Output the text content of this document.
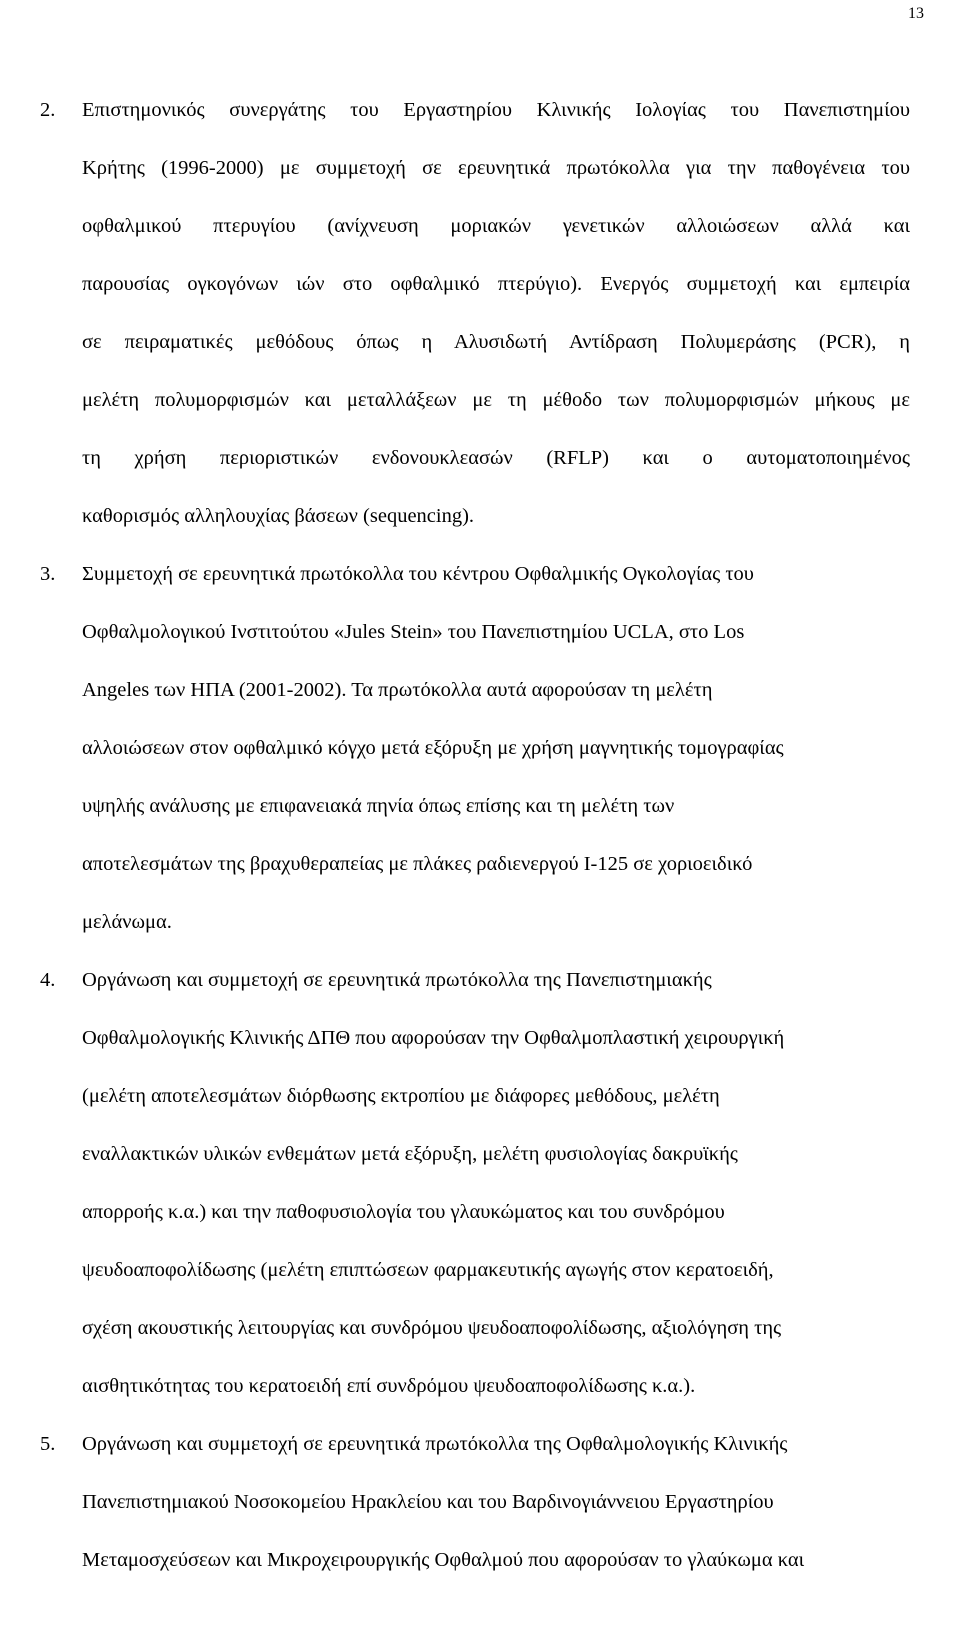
13
2. Επιστημονικός συνεργάτης του Εργαστηρίου Κλινικής Ιολογίας του Πανεπιστημίου
Κρήτης (1996-2000) με συμμετοχή σε ερευνητικά πρωτόκολλα για την παθογένεια του
οφθαλμικού πτερυγίου (ανίχνευση μοριακών γενετικών αλλοιώσεων αλλά και
παρουσίας ογκογόνων ιών στο οφθαλμικό πτερύγιο). Ενεργός συμμετοχή και εμπειρία
σε πειραματικές μεθόδους όπως η Αλυσιδωτή Αντίδραση Πολυμεράσης (PCR), η
μελέτη πολυμορφισμών και μεταλλάξεων με τη μέθοδο των πολυμορφισμών μήκους με
τη χρήση περιοριστικών ενδονουκλεασών (RFLP) και ο αυτοματοποιημένος
καθορισμός αλληλουχίας βάσεων (sequencing).
3. Συμμετοχή σε ερευνητικά πρωτόκολλα του κέντρου Οφθαλμικής Ογκολογίας του
Οφθαλμολογικού Ινστιτούτου «Jules Stein» του Πανεπιστημίου UCLA, στο Los
Angeles των ΗΠΑ (2001-2002). Τα πρωτόκολλα αυτά αφορούσαν τη μελέτη
αλλοιώσεων στον οφθαλμικό κόγχο μετά εξόρυξη με χρήση μαγνητικής τομογραφίας
υψηλής ανάλυσης με επιφανειακά πηνία όπως επίσης και τη μελέτη των
αποτελεσμάτων της βραχυθεραπείας με πλάκες ραδιενεργού I-125 σε χοριοειδικό
μελάνωμα.
4. Οργάνωση και συμμετοχή σε ερευνητικά πρωτόκολλα της Πανεπιστημιακής
Οφθαλμολογικής Κλινικής ΔΠΘ που αφορούσαν την Οφθαλμοπλαστική χειρουργική
(μελέτη αποτελεσμάτων διόρθωσης εκτροπίου με διάφορες μεθόδους, μελέτη
εναλλακτικών υλικών ενθεμάτων μετά εξόρυξη, μελέτη φυσιολογίας δακρυϊκής
απορροής κ.α.) και την παθοφυσιολογία του γλαυκώματος και του συνδρόμου
ψευδοαποφολίδωσης (μελέτη επιπτώσεων φαρμακευτικής αγωγής στον κερατοειδή,
σχέση ακουστικής λειτουργίας και συνδρόμου ψευδοαποφολίδωσης, αξιολόγηση της
αισθητικότητας του κερατοειδή επί συνδρόμου ψευδοαποφολίδωσης κ.α.).
5. Οργάνωση και συμμετοχή σε ερευνητικά πρωτόκολλα της Οφθαλμολογικής Κλινικής
Πανεπιστημιακού Νοσοκομείου Ηρακλείου και του Βαρδινογιάννειου Εργαστηρίου
Μεταμοσχεύσεων και Μικροχειρουργικής Οφθαλμού που αφορούσαν το γλαύκωμα και
